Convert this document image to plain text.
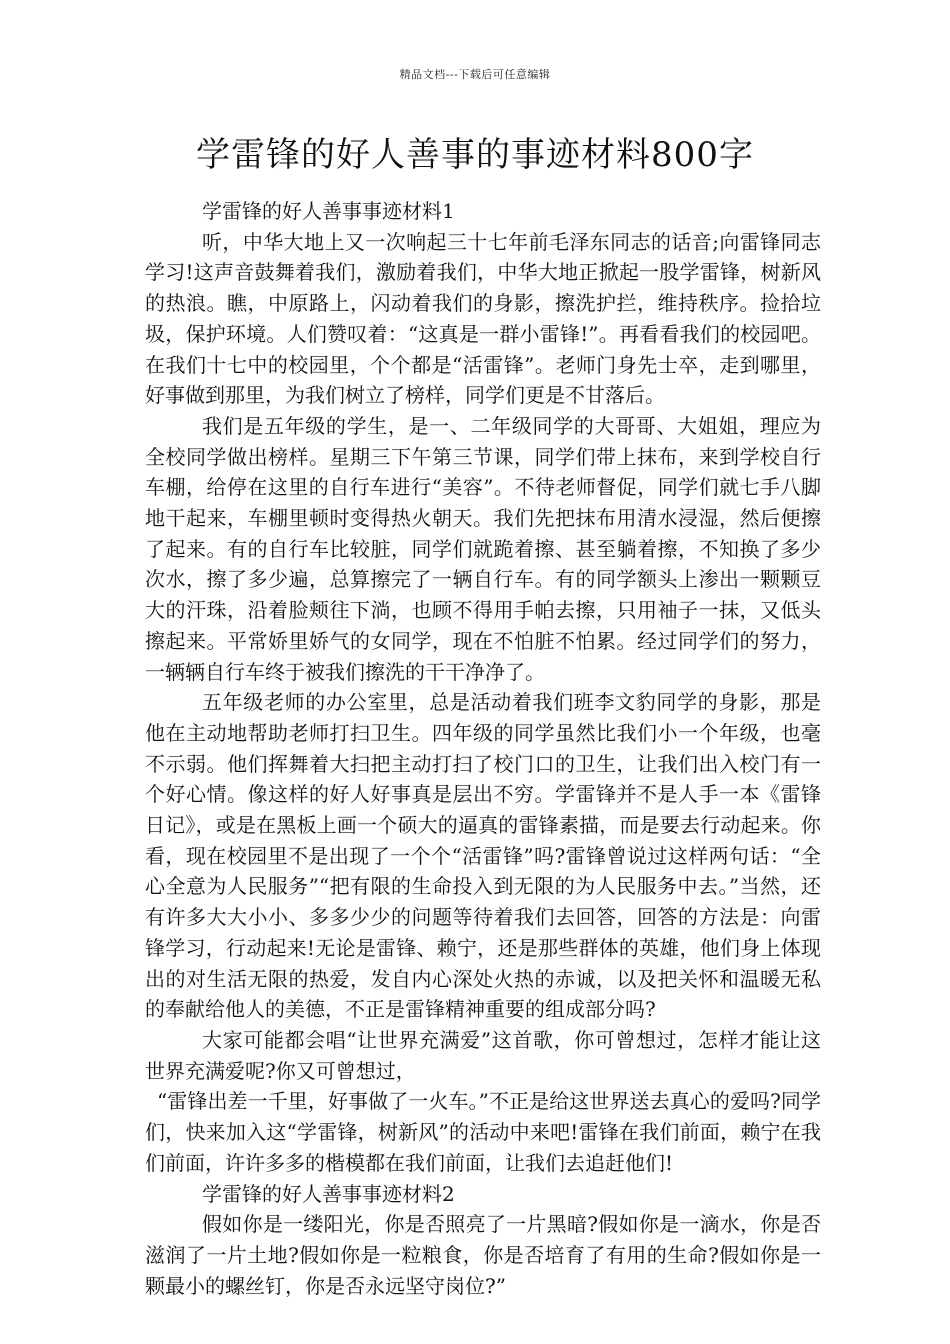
精品文档---下载后可任意编辑
学雷锋的好人善事的事迹材料800字

学雷锋的好人善事事迹材料1

听，中华大地上又一次响起三十七年前毛泽东同志的话音;向雷锋同志学习!这声音鼓舞着我们，激励着我们，中华大地正掀起一股学雷锋，树新风的热浪。瞧，中原路上，闪动着我们的身影，擦洗护拦，维持秩序。捡拾垃圾，保护环境。人们赞叹着：“这真是一群小雷锋!”。再看看我们的校园吧。在我们十七中的校园里，个个都是“活雷锋”。老师门身先士卒，走到哪里，好事做到那里，为我们树立了榜样，同学们更是不甘落后。

我们是五年级的学生，是一、二年级同学的大哥哥、大姐姐，理应为全校同学做出榜样。星期三下午第三节课，同学们带上抹布，来到学校自行车棚，给停在这里的自行车进行“美容”。不待老师督促，同学们就七手八脚地干起来，车棚里顿时变得热火朝天。我们先把抹布用清水浸湿，然后便擦了起来。有的自行车比较脏，同学们就跪着擦、甚至躺着擦，不知换了多少次水，擦了多少遍，总算擦完了一辆自行车。有的同学额头上渗出一颗颗豆大的汗珠，沿着脸颊往下淌，也顾不得用手帕去擦，只用袖子一抹，又低头擦起来。平常娇里娇气的女同学，现在不怕脏不怕累。经过同学们的努力，一辆辆自行车终于被我们擦洗的干干净净了。

五年级老师的办公室里，总是活动着我们班李文豹同学的身影，那是他在主动地帮助老师打扫卫生。四年级的同学虽然比我们小一个年级，也毫不示弱。他们挥舞着大扫把主动打扫了校门口的卫生，让我们出入校门有一个好心情。像这样的好人好事真是层出不穷。学雷锋并不是人手一本《雷锋日记》，或是在黑板上画一个硕大的逼真的雷锋素描，而是要去行动起来。你看，现在校园里不是出现了一个个“活雷锋”吗?雷锋曾说过这样两句话：“全心全意为人民服务”“把有限的生命投入到无限的为人民服务中去。”当然，还有许多大大小小、多多少少的问题等待着我们去回答，回答的方法是：向雷锋学习，行动起来!无论是雷锋、赖宁，还是那些群体的英雄，他们身上体现出的对生活无限的热爱，发自内心深处火热的赤诚，以及把关怀和温暖无私的奉献给他人的美德，不正是雷锋精神重要的组成部分吗?

大家可能都会唱“让世界充满爱”这首歌，你可曾想过，怎样才能让这世界充满爱呢?你又可曾想过，

“雷锋出差一千里，好事做了一火车。”不正是给这世界送去真心的爱吗?同学们，快来加入这“学雷锋，树新风”的活动中来吧!雷锋在我们前面，赖宁在我们前面，许许多多的楷模都在我们前面，让我们去追赶他们!

学雷锋的好人善事事迹材料2

假如你是一缕阳光，你是否照亮了一片黑暗?假如你是一滴水，你是否滋润了一片土地?假如你是一粒粮食，你是否培育了有用的生命?假如你是一颗最小的螺丝钉，你是否永远坚守岗位?”
